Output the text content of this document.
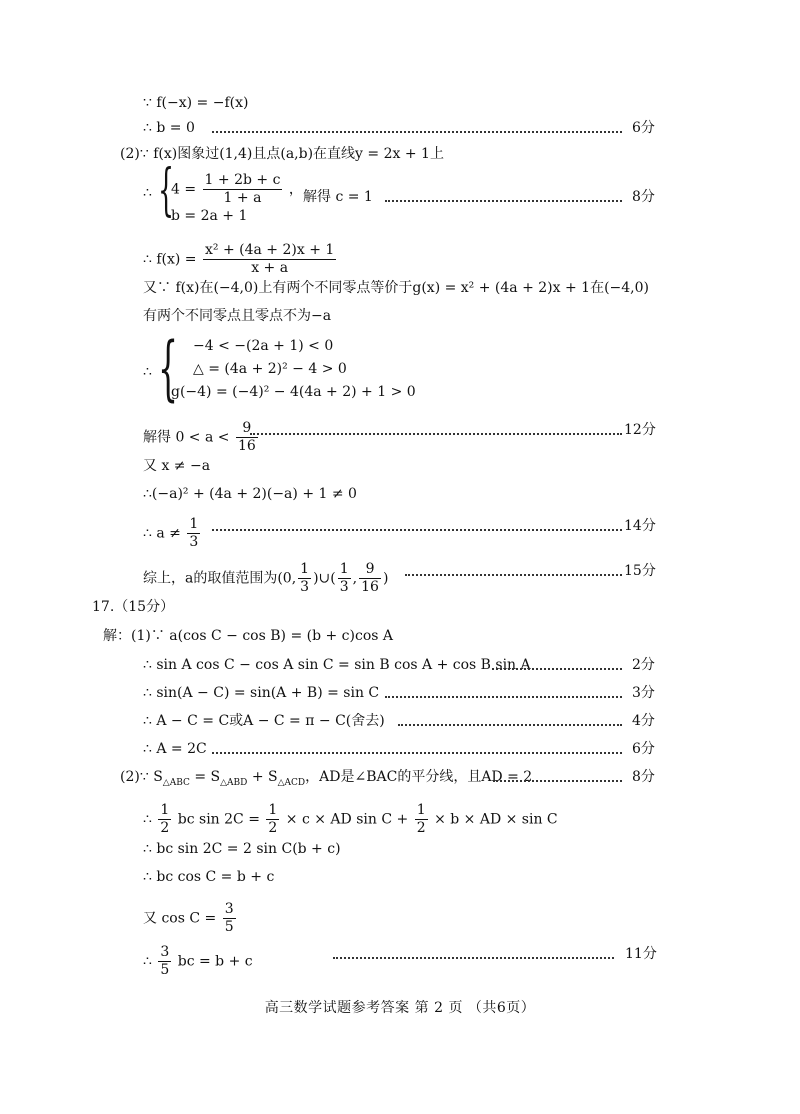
∵ f(−x) = −f(x)
∴ b = 0	6分
(2)∵ f(x)图象过(1,4)且点(a,b)在直线y = 2x + 1上
∴ {
$4 = \frac{1 + 2b + c}{1 + a}$ ，
b = 2a + 1
解得 c = 1	8分
∴ $f(x) = \frac{\text{x² + (4a + 2)x + 1}}{x + a}$
又∵ f(x)在(−4,0)上有两个不同零点等价于g(x) = x² + (4a + 2)x + 1在(−4,0)
有两个不同零点且零点不为−a
∴ { −4 < −(2a + 1) < 0
△ = (4a + 2)² − 4 > 0
g(−4) = (−4)² − 4(4a + 2) + 1 > 0
解得 $0 < a < \frac{9}{16}$	12分
又 x ≠ −a
∴(−a)² + (4a + 2)(−a) + 1 ≠ 0
∴ $a \ne \frac{1}{3}$	14分
综上，a的取值范围为(0, $\frac{1}{3}$ )∪( $\frac{1}{3}$ , $\frac{9}{16}$ )	15分
17.（15分）
解：(1)∵ a(cos C − cos B) = (b + c)cos A
∴ sin A cos C − cos A sin C = sin B cos A + cos B sin A	2分
∴ sin(A − C) = sin(A + B) = sin C	3分
∴ A − C = C或A − C = π − C(舍去)	4分
∴ A = 2C	6分
(2)∵ $S_{\triangle ABC} = S_{\triangle ABD} + S_{\triangle ACD}$，AD是∠BAC的平分线，且AD = 2	8分
∴ $\frac{1}{2}$ bc $\sin 2C = \frac{1}{2} \times c$ × AD $\sin C + \frac{1}{2} \times b$ × AD × sin C
∴ bc sin 2C = 2 sin C(b + c)
∴ bc cos C = b + c
又 $\cos C = \frac{3}{5}$
∴ $\frac{3}{5}$ bc = b + c	11分
高三数学试题参考答案 第 2 页 （共6页）
